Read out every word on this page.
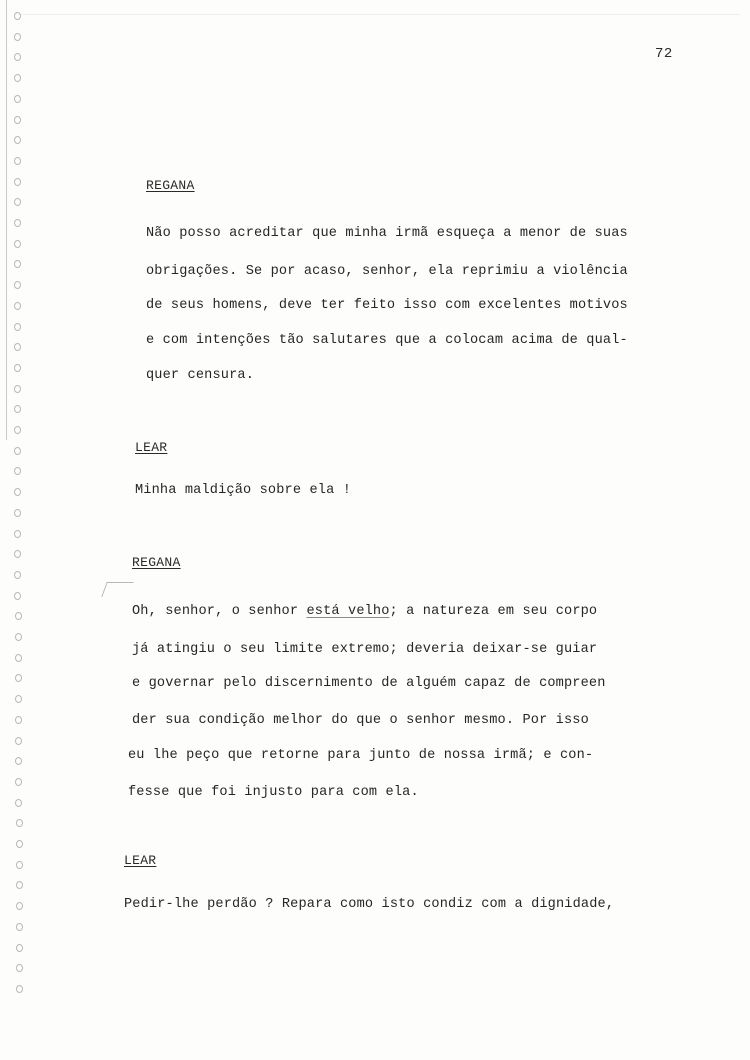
72
REGANA
Não posso acreditar que minha irmã esqueça a menor de suas
obrigações. Se por acaso, senhor, ela reprimiu a violência
de seus homens, deve ter feito isso com excelentes motivos
e com intenções tão salutares que a colocam acima de qual-
quer censura.
LEAR
Minha maldição sobre ela !
REGANA
Oh, senhor, o senhor está velho; a natureza em seu corpo
já atingiu o seu limite extremo; deveria deixar-se guiar
e governar pelo discernimento de alguém capaz de compreen
der sua condição melhor do que o senhor mesmo. Por isso
eu lhe peço que retorne para junto de nossa irmã; e con-
fesse que foi injusto para com ela.
LEAR
Pedir-lhe perdão ? Repara como isto condiz com a dignidade,
